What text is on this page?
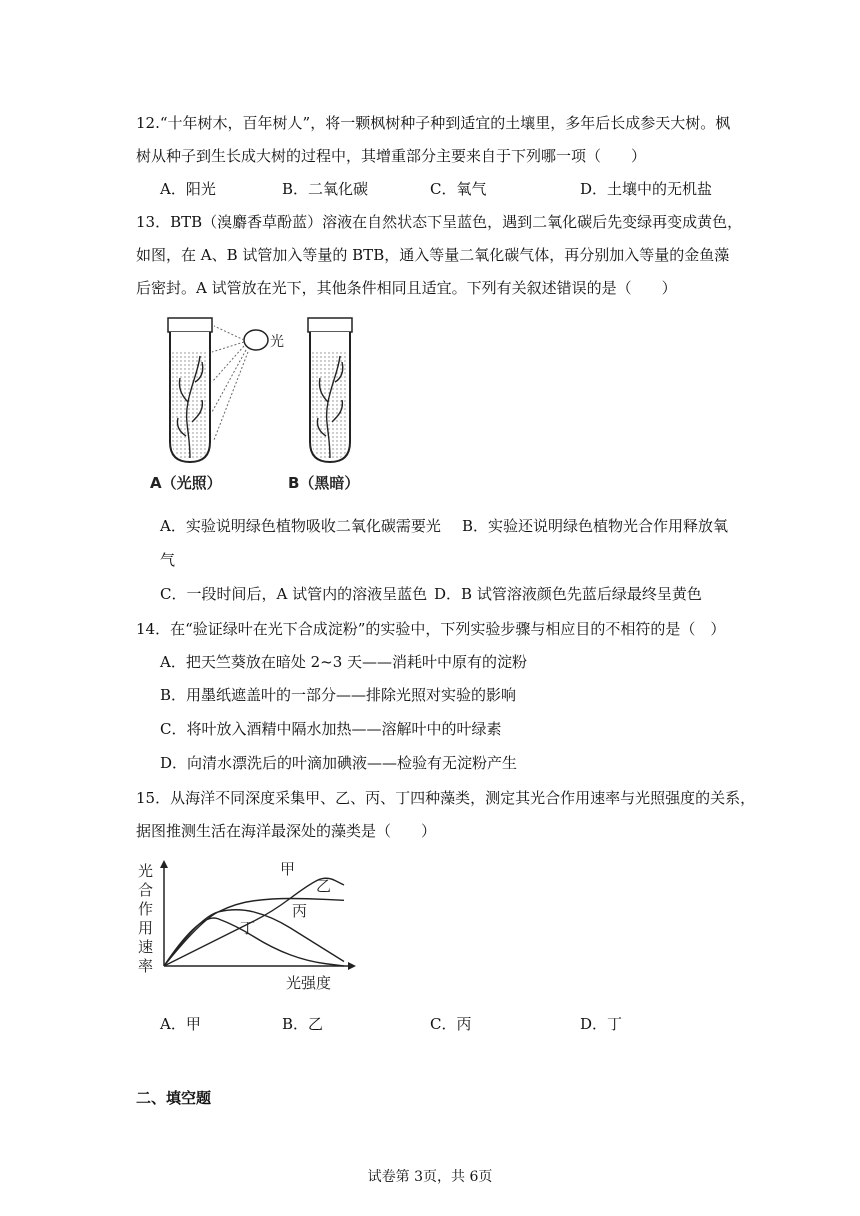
12.“十年树木，百年树人”，将一颗枫树种子种到适宜的土壤里，多年后长成参天大树。枫
树从种子到生长成大树的过程中，其增重部分主要来自于下列哪一项（　　）
A．阳光	B．二氧化碳	C．氧气	D．土壤中的无机盐
13．BTB（溴麝香草酚蓝）溶液在自然状态下呈蓝色，遇到二氧化碳后先变绿再变成黄色，
如图，在 A、B 试管加入等量的 BTB，通入等量二氧化碳气体，再分别加入等量的金鱼藻
后密封。A 试管放在光下，其他条件相同且适宜。下列有关叙述错误的是（　　）
光
A（光照）	B（黑暗）
A．实验说明绿色植物吸收二氧化碳需要光 B．实验还说明绿色植物光合作用释放氧
气
C．一段时间后，A 试管内的溶液呈蓝色 D．B 试管溶液颜色先蓝后绿最终呈黄色
14．在“验证绿叶在光下合成淀粉”的实验中，下列实验步骤与相应目的不相符的是（　）
A．把天竺葵放在暗处 2~3 天——消耗叶中原有的淀粉
B．用墨纸遮盖叶的一部分——排除光照对实验的影响
C．将叶放入酒精中隔水加热——溶解叶中的叶绿素
D．向清水漂洗后的叶滴加碘液——检验有无淀粉产生
15．从海洋不同深度采集甲、乙、丙、丁四种藻类，测定其光合作用速率与光照强度的关系，
据图推测生活在海洋最深处的藻类是（　　）
光
合
作
用
速
率
甲
乙
丙
丁
光强度
A．甲	B．乙	C．丙	D．丁
二、填空题
试卷第 3页，共 6页
